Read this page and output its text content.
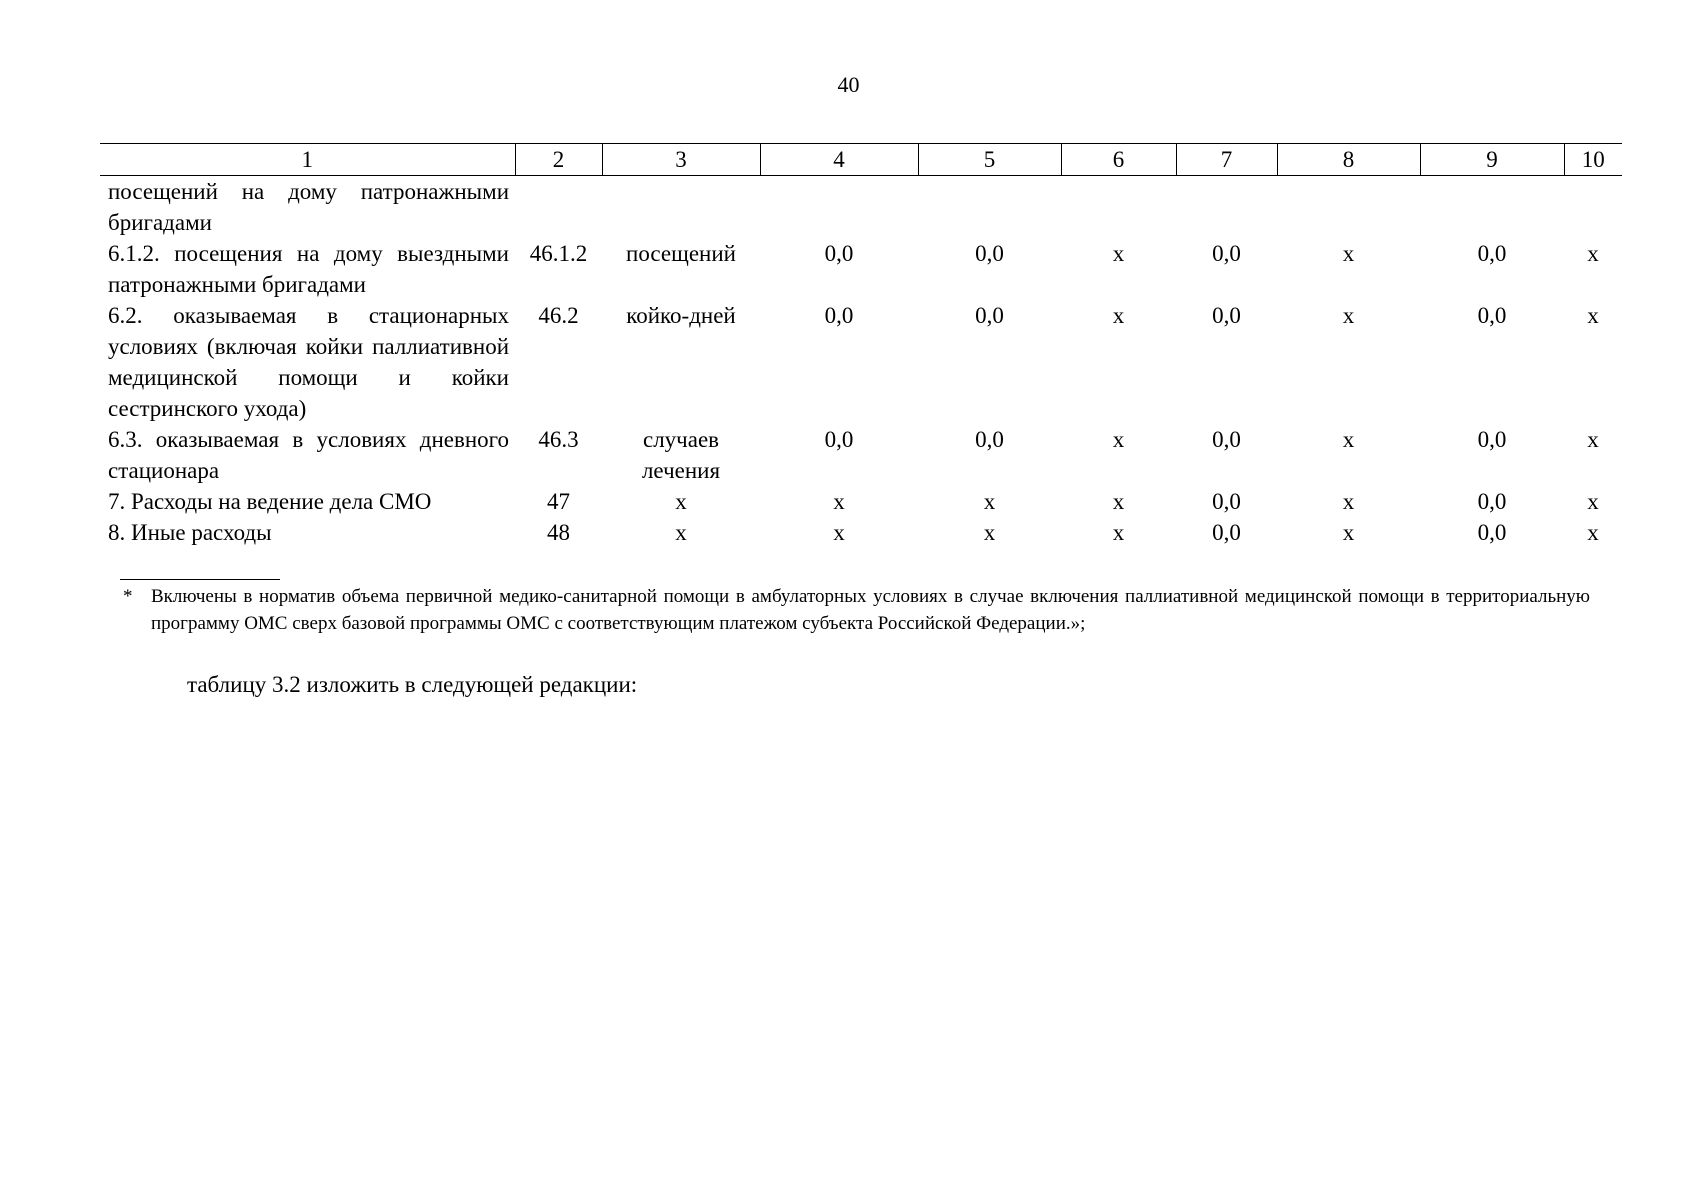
40
1	2	3	4	5	6	7	8	9	10
посещений на дому патронажными бригадами									
6.1.2. посещения на дому выездными патронажными бригадами	46.1.2	посещений	0,0	0,0	х	0,0	х	0,0	х
6.2. оказываемая в стационарных условиях (включая койки паллиативной медицинской помощи и койки сестринского ухода)	46.2	койко-дней	0,0	0,0	х	0,0	х	0,0	х
6.3. оказываемая в условиях дневного стационара	46.3	случаев лечения	0,0	0,0	х	0,0	х	0,0	х
7. Расходы на ведение дела СМО	47	х	х	х	х	0,0	х	0,0	х
8. Иные расходы	48	х	х	х	х	0,0	х	0,0	х
* Включены в норматив объема первичной медико-санитарной помощи в амбулаторных условиях в случае включения паллиативной медицинской помощи в территориальную программу ОМС сверх базовой программы ОМС с соответствующим платежом субъекта Российской Федерации.»;
таблицу 3.2 изложить в следующей редакции:
